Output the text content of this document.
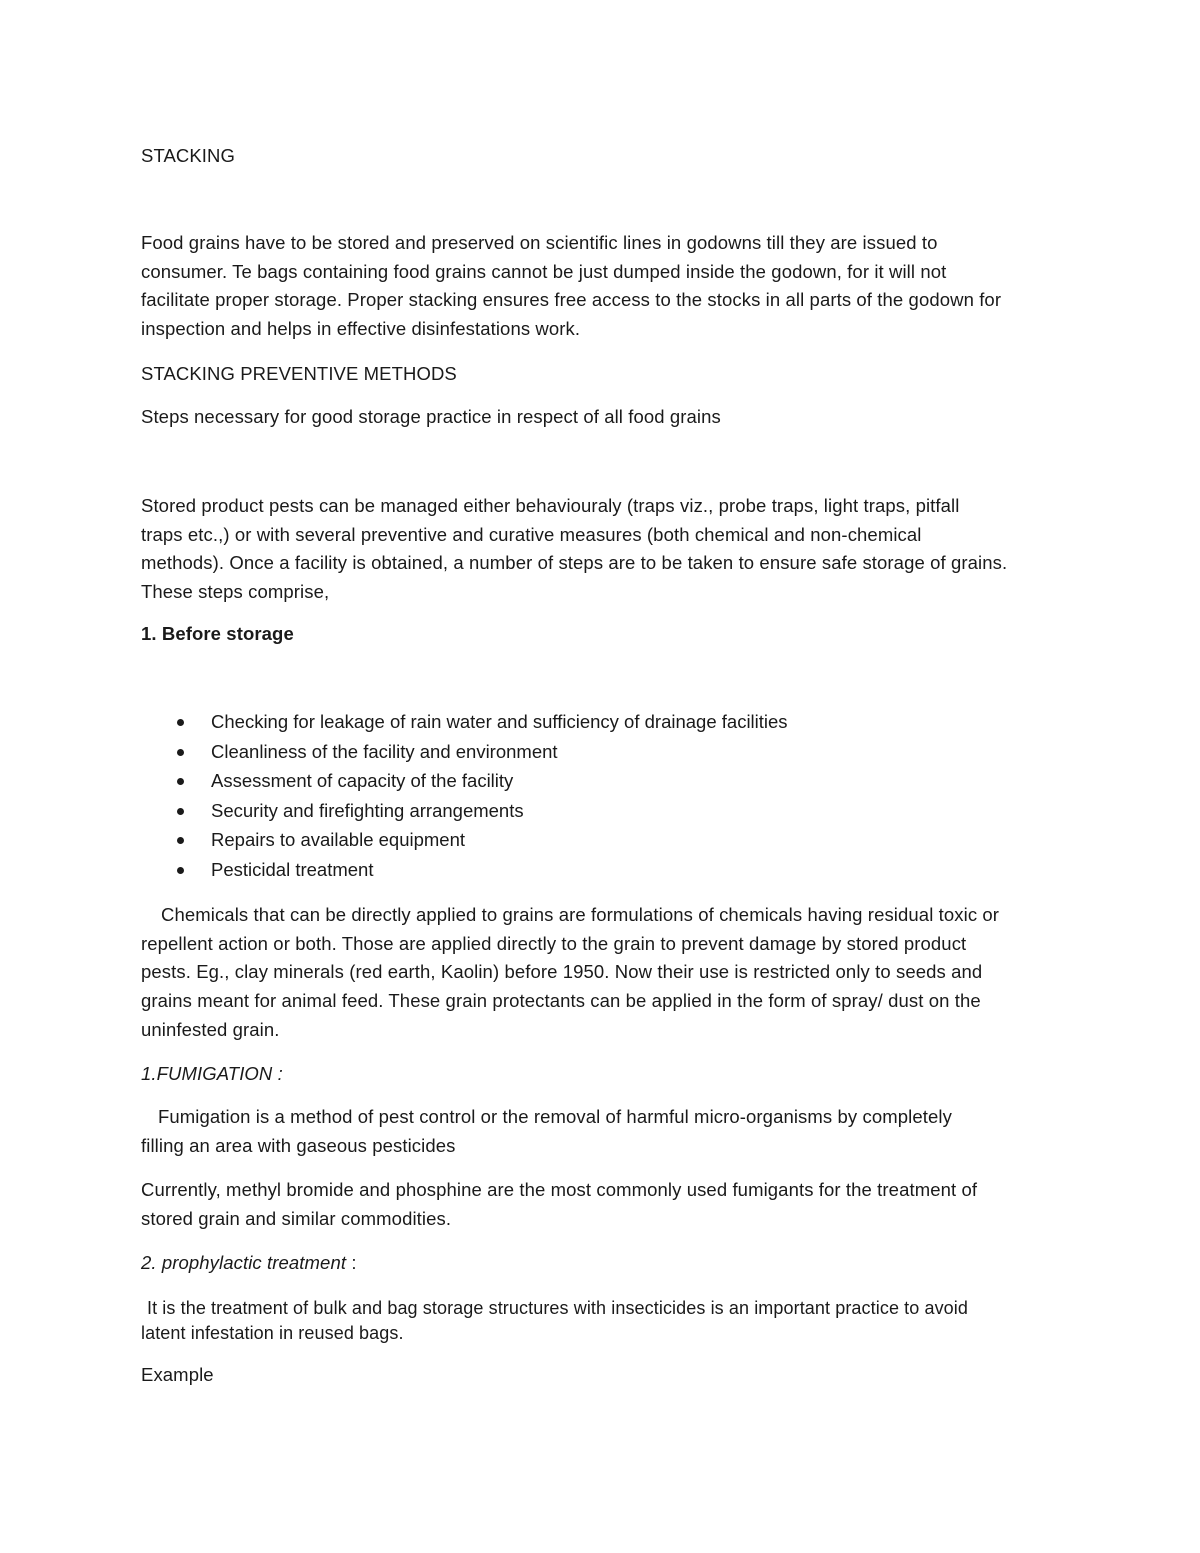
STACKING

Food grains have to be stored and preserved on scientific lines in godowns till they are issued to
consumer. Te bags containing food grains cannot be just dumped inside the godown, for it will not
facilitate proper storage. Proper stacking ensures free access to the stocks in all parts of the godown for
inspection and helps in effective disinfestations work.

STACKING PREVENTIVE METHODS

Steps necessary for good storage practice in respect of all food grains

Stored product pests can be managed either behaviouraly (traps viz., probe traps, light traps, pitfall
traps etc.,) or with several preventive and curative measures (both chemical and non-chemical
methods). Once a facility is obtained, a number of steps are to be taken to ensure safe storage of grains.
These steps comprise,

1. Before storage

Checking for leakage of rain water and sufficiency of drainage facilities
Cleanliness of the facility and environment
Assessment of capacity of the facility
Security and firefighting arrangements
Repairs to available equipment
Pesticidal treatment

Chemicals that can be directly applied to grains are formulations of chemicals having residual toxic or
repellent action or both. Those are applied directly to the grain to prevent damage by stored product
pests. Eg., clay minerals (red earth, Kaolin) before 1950. Now their use is restricted only to seeds and
grains meant for animal feed. These grain protectants can be applied in the form of spray/ dust on the
uninfested grain.

1.FUMIGATION :

Fumigation is a method of pest control or the removal of harmful micro-organisms by completely
filling an area with gaseous pesticides

Currently, methyl bromide and phosphine are the most commonly used fumigants for the treatment of
stored grain and similar commodities.

2. prophylactic treatment :

It is the treatment of bulk and bag storage structures with insecticides is an important practice to avoid
latent infestation in reused bags.

Example
